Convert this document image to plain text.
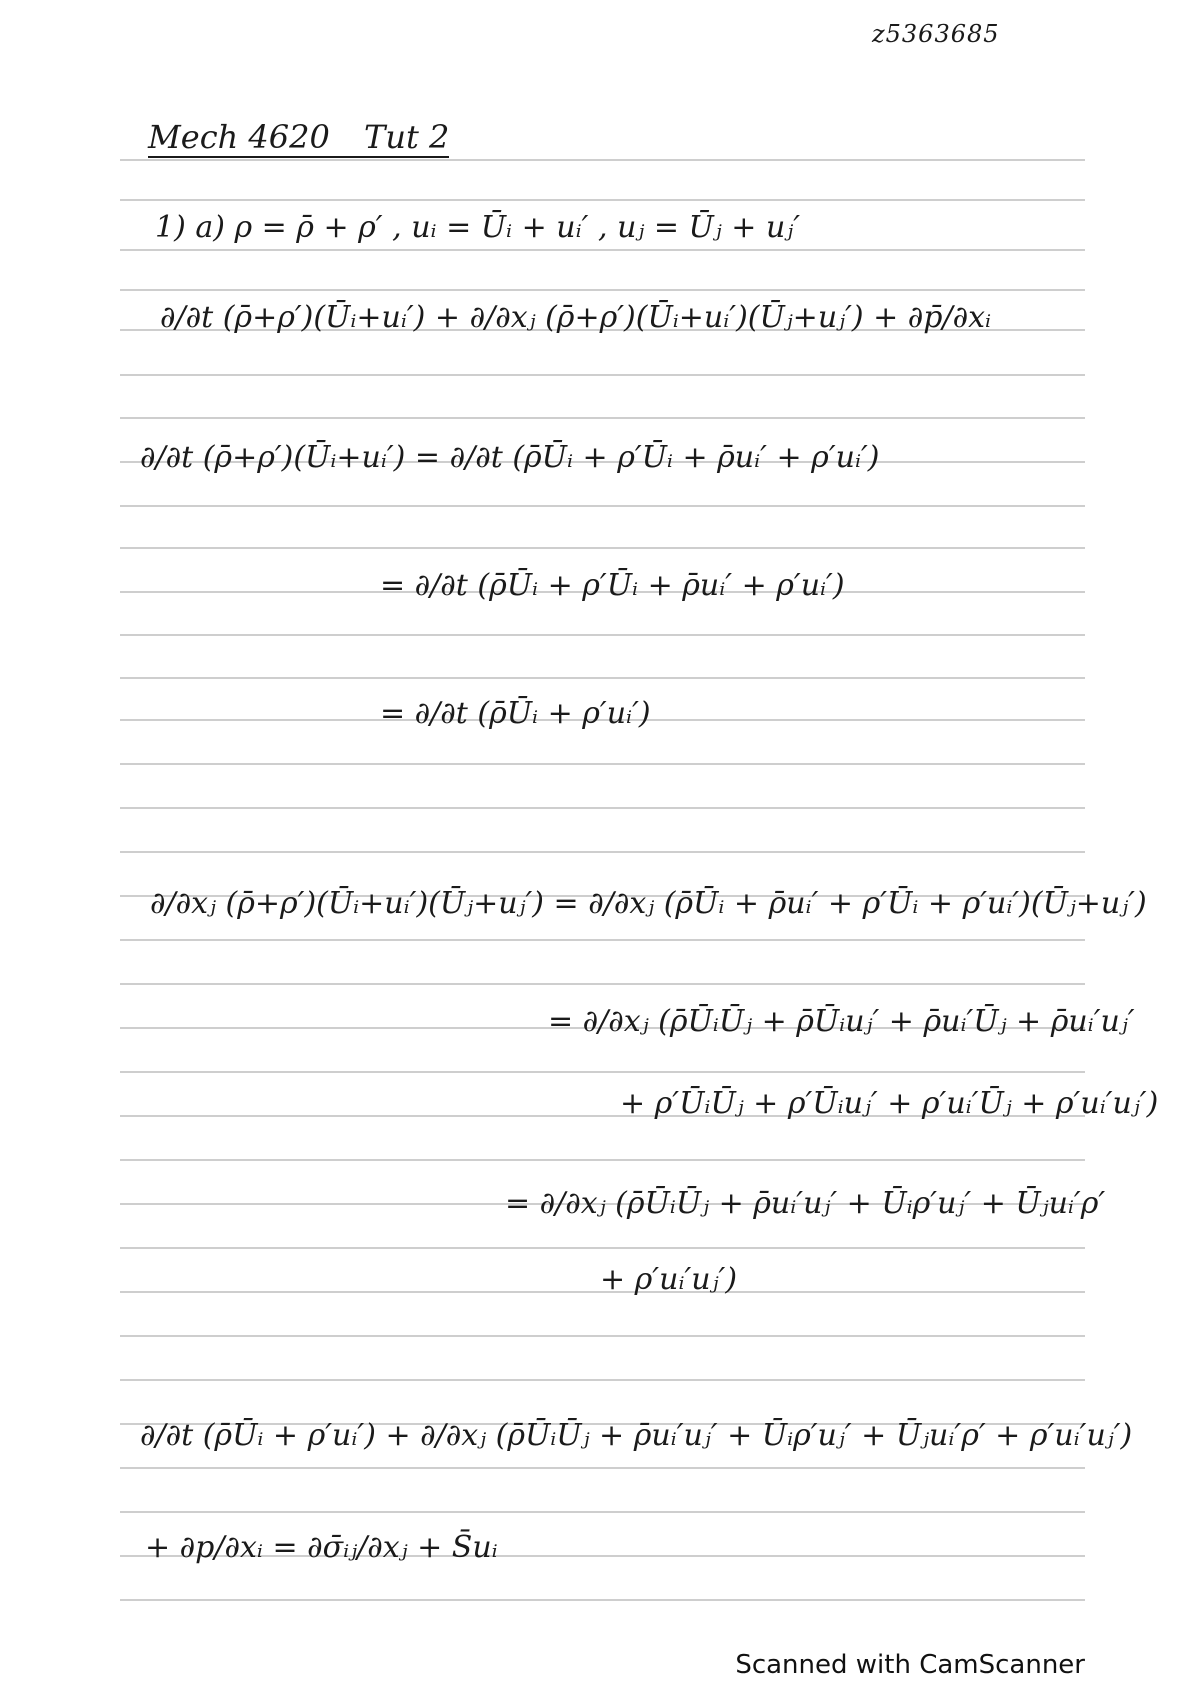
z5363685
Mech 4620 Tut 2
1) a) ρ = ρ̄ + ρ′ , uᵢ = Ūᵢ + uᵢ′ , uⱼ = Ūⱼ + uⱼ′
∂/∂t (ρ̄+ρ′)(Ūᵢ+uᵢ′) + ∂/∂xⱼ (ρ̄+ρ′)(Ūᵢ+uᵢ′)(Ūⱼ+uⱼ′) + ∂p̄/∂xᵢ
∂/∂t (ρ̄+ρ′)(Ūᵢ+uᵢ′) = ∂/∂t (ρ̄Ūᵢ + ρ′Ūᵢ + ρ̄uᵢ′ + ρ′uᵢ′)
= ∂/∂t (ρ̄Ūᵢ + ρ′Ūᵢ + ρ̄uᵢ′ + ρ′uᵢ′)
= ∂/∂t (ρ̄Ūᵢ + ρ′uᵢ′)
∂/∂xⱼ (ρ̄+ρ′)(Ūᵢ+uᵢ′)(Ūⱼ+uⱼ′) = ∂/∂xⱼ (ρ̄Ūᵢ + ρ̄uᵢ′ + ρ′Ūᵢ + ρ′uᵢ′)(Ūⱼ+uⱼ′)
= ∂/∂xⱼ (ρ̄ŪᵢŪⱼ + ρ̄Ūᵢuⱼ′ + ρ̄uᵢ′Ūⱼ + ρ̄uᵢ′uⱼ′
+ ρ′ŪᵢŪⱼ + ρ′Ūᵢuⱼ′ + ρ′uᵢ′Ūⱼ + ρ′uᵢ′uⱼ′)
= ∂/∂xⱼ (ρ̄ŪᵢŪⱼ + ρ̄uᵢ′uⱼ′ + Ūᵢρ′uⱼ′ + Ūⱼuᵢ′ρ′
+ ρ′uᵢ′uⱼ′)
∂/∂t (ρ̄Ūᵢ + ρ′uᵢ′) + ∂/∂xⱼ (ρ̄ŪᵢŪⱼ + ρ̄uᵢ′uⱼ′ + Ūᵢρ′uⱼ′ + Ūⱼuᵢ′ρ′ + ρ′uᵢ′uⱼ′)
+ ∂p/∂xᵢ = ∂σ̄ᵢⱼ/∂xⱼ + S̄uᵢ
Scanned with CamScanner
